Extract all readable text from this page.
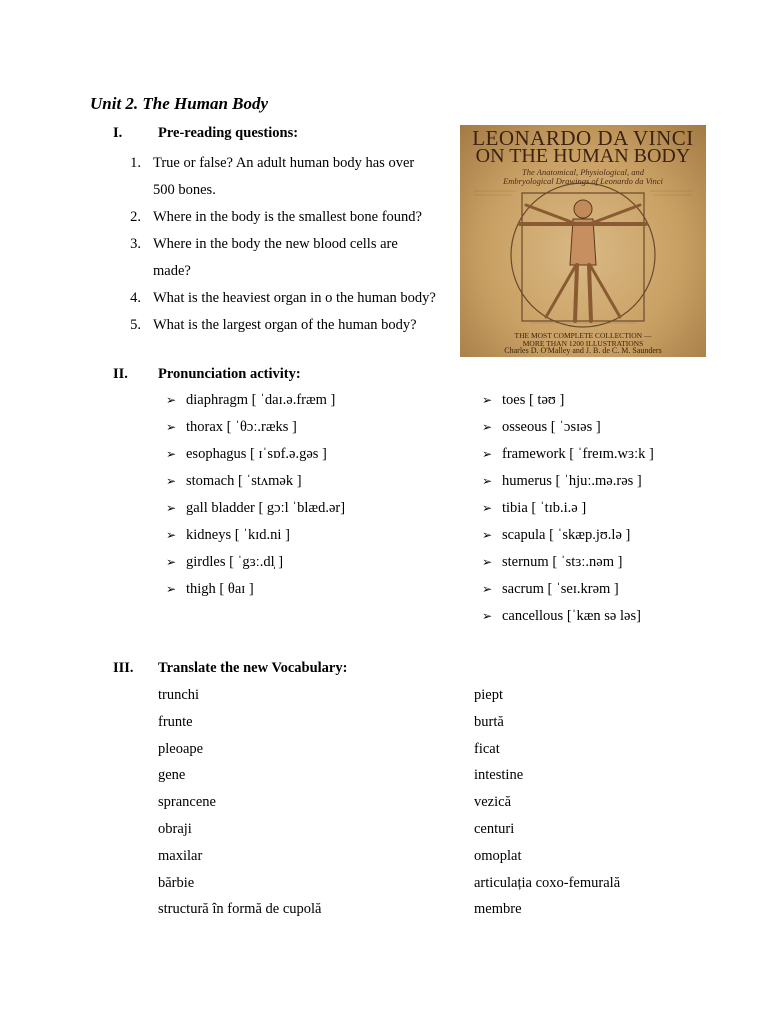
Unit 2. The Human Body
I. Pre-reading questions:
1. True or false? An adult human body has over
500 bones.
2. Where in the body is the smallest bone found?
3. Where in the body the new blood cells are
made?
4. What is the heaviest organ in o the human body?
5. What is the largest organ of the human body?
LEONARDO DA VINCI
ON THE HUMAN BODY
The Anatomical, Physiological, and
Embryological Drawings of Leonardo da Vinci
THE MOST COMPLETE COLLECTION —
MORE THAN 1200 ILLUSTRATIONS
Charles D. O'Malley and J. B. de C. M. Saunders
II. Pronunciation activity:
➢ diaphragm [ ˈdaɪ.ə.fræm ]
➢ thorax [ ˈθɔː.ræks ]
➢ esophagus [ ɪˈsɒf.ə.gəs ]
➢ stomach [ ˈstʌmək ]
➢ gall bladder [ gɔːl ˈblæd.ər]
➢ kidneys [ ˈkɪd.ni ]
➢ girdles [ ˈgɜː.dl̩ ]
➢ thigh [ θaɪ ]
➢ toes [ təʊ ]
➢ osseous [ ˈɔsɪəs ]
➢ framework [ ˈfreɪm.wɜːk ]
➢ humerus [ ˈhjuː.mə.rəs ]
➢ tibia [ ˈtɪb.i.ə ]
➢ scapula [ ˈskæp.jʊ.lə ]
➢ sternum [ ˈstɜː.nəm ]
➢ sacrum [ ˈseɪ.krəm ]
➢ cancellous [ˈkæn sə ləs]
III. Translate the new Vocabulary:
trunchi
frunte
pleoape
gene
sprancene
obraji
maxilar
bărbie
structură în formă de cupolă
piept
burtă
ficat
intestine
vezică
centuri
omoplat
articulația coxo-femurală
membre
